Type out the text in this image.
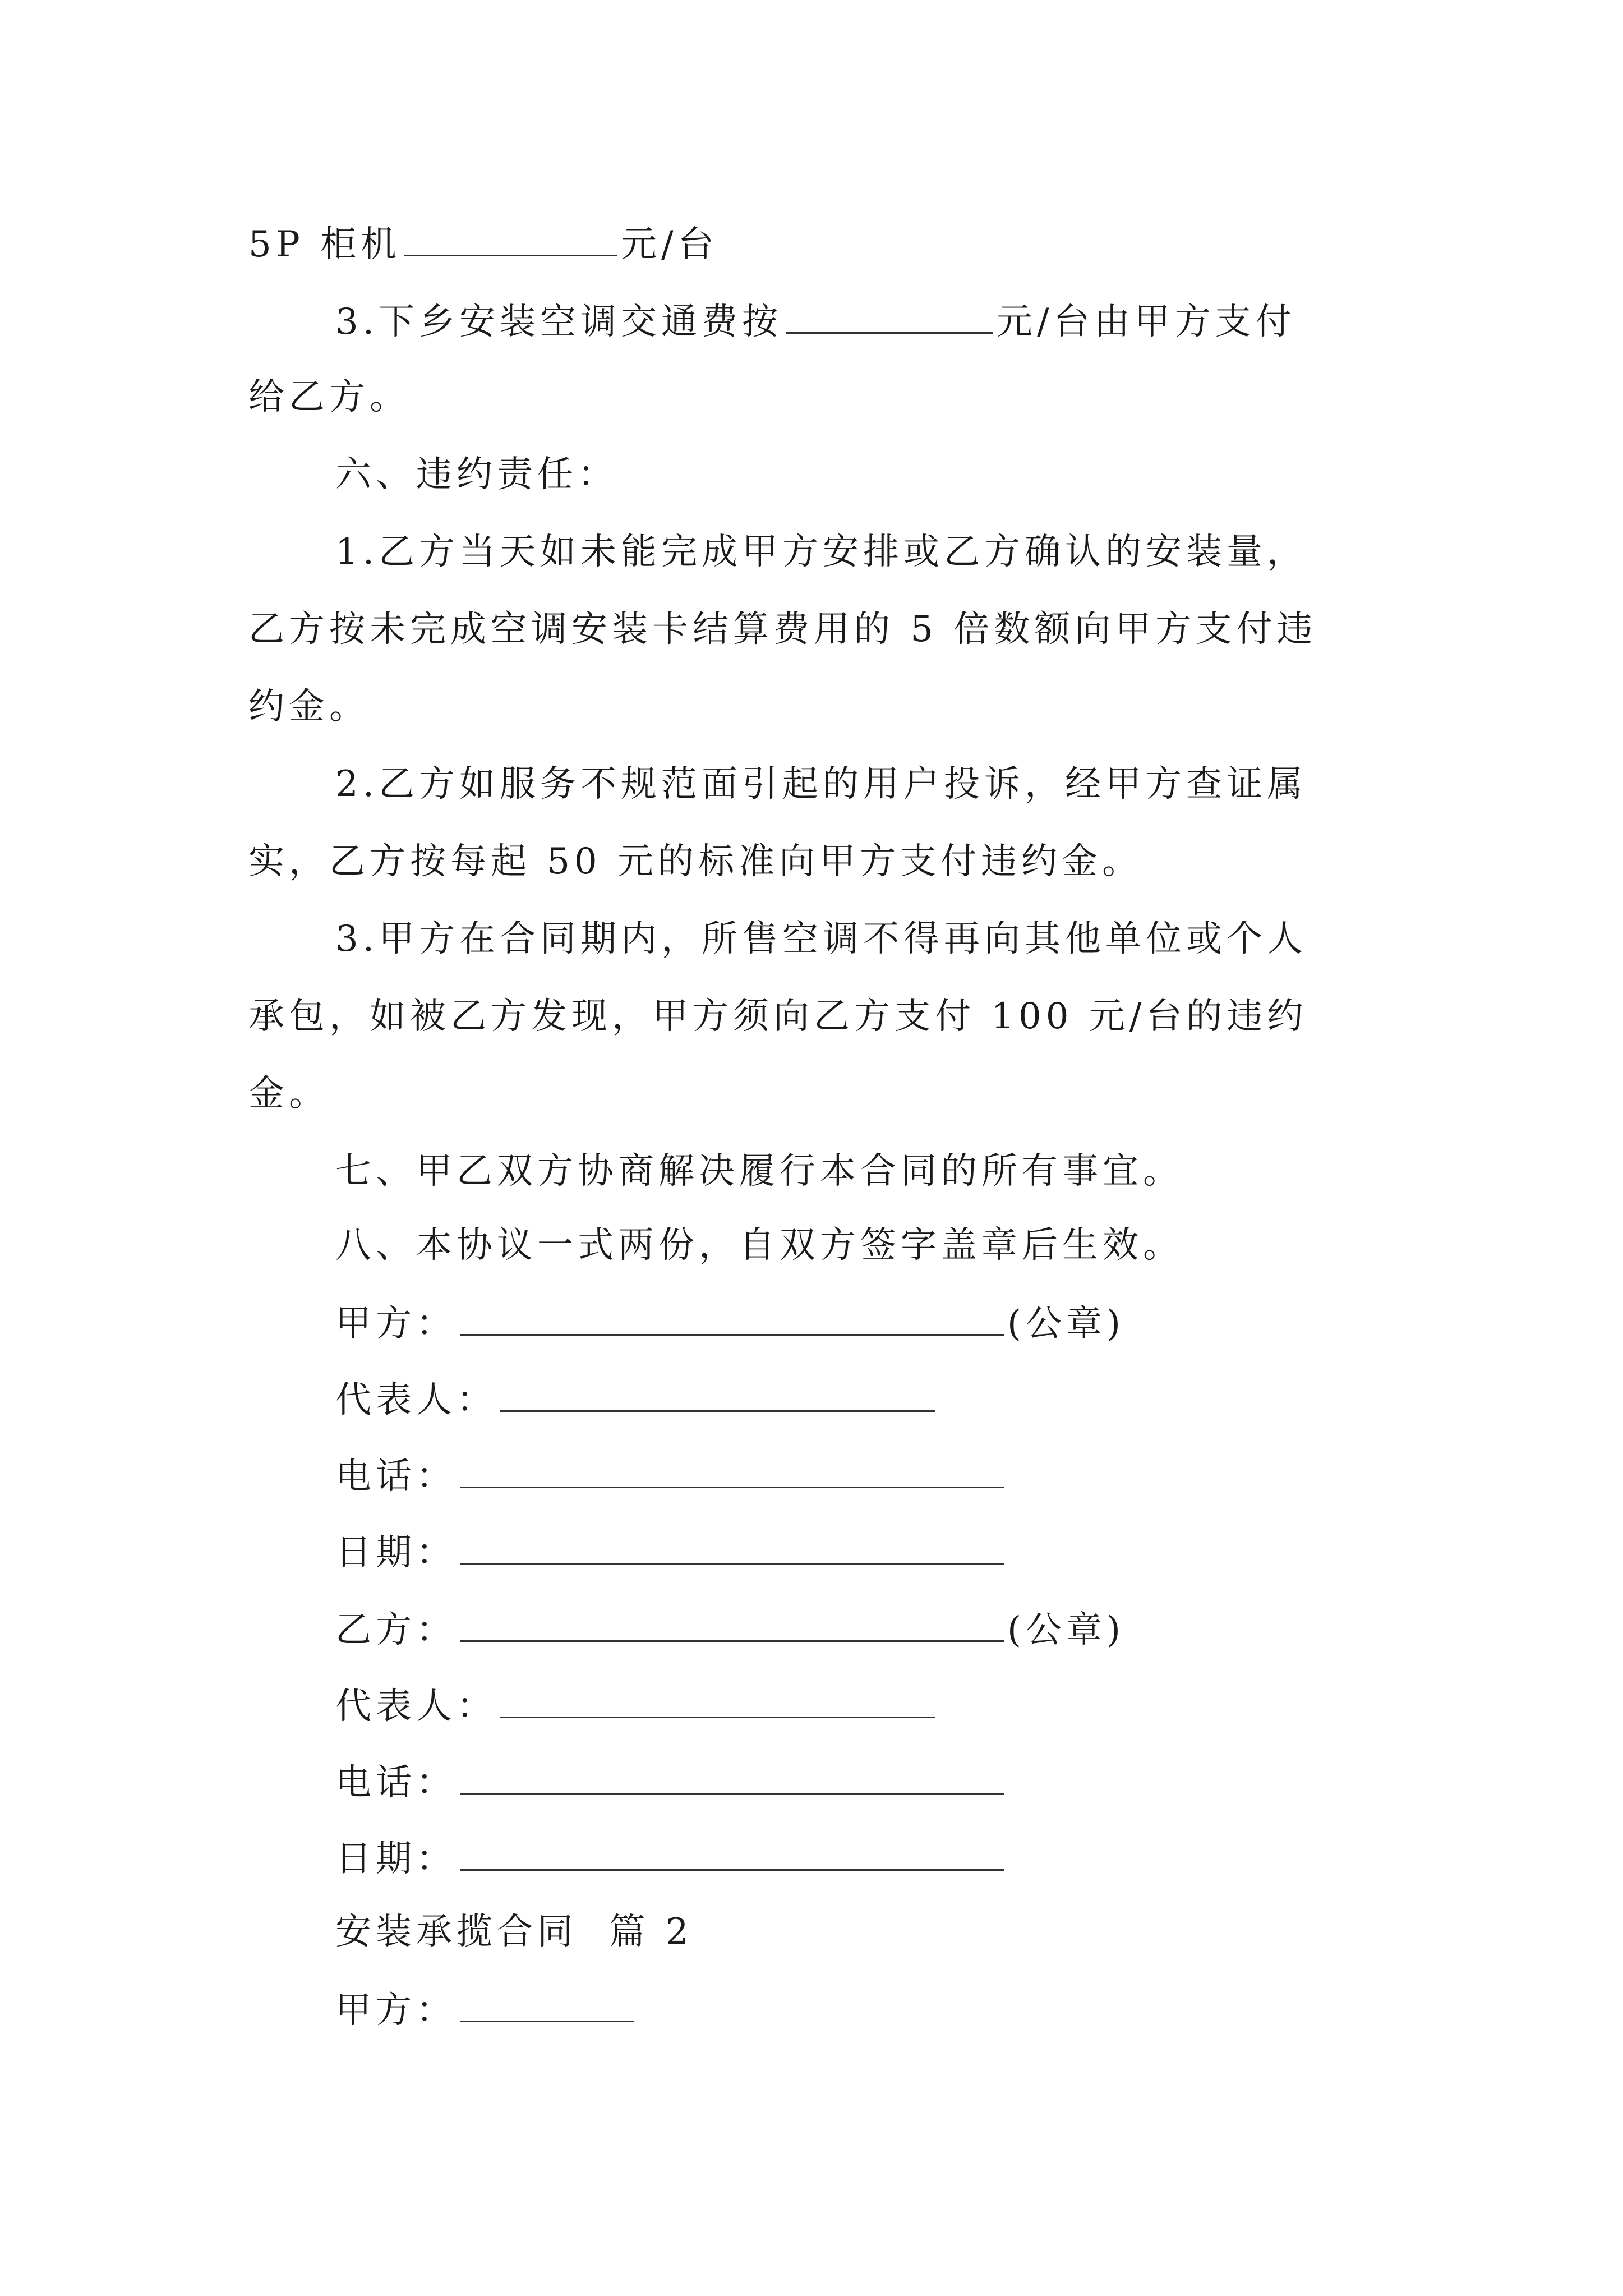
5P 柜机	元/台
3.下乡安装空调交通费按	元/台由甲方支付
给乙方。
六、违约责任：
1.乙方当天如未能完成甲方安排或乙方确认的安装量，
乙方按未完成空调安装卡结算费用的 5 倍数额向甲方支付违
约金。
2.乙方如服务不规范面引起的用户投诉，经甲方查证属
实，乙方按每起 50 元的标准向甲方支付违约金。
3.甲方在合同期内，所售空调不得再向其他单位或个人
承包，如被乙方发现，甲方须向乙方支付 100 元/台的违约
金。
七、甲乙双方协商解决履行本合同的所有事宜。
八、本协议一式两份，自双方签字盖章后生效。
甲方：	(公章)
代表人：
电话：
日期：
乙方：	(公章)
代表人：
电话：
日期：
安装承揽合同  篇 2
甲方：
